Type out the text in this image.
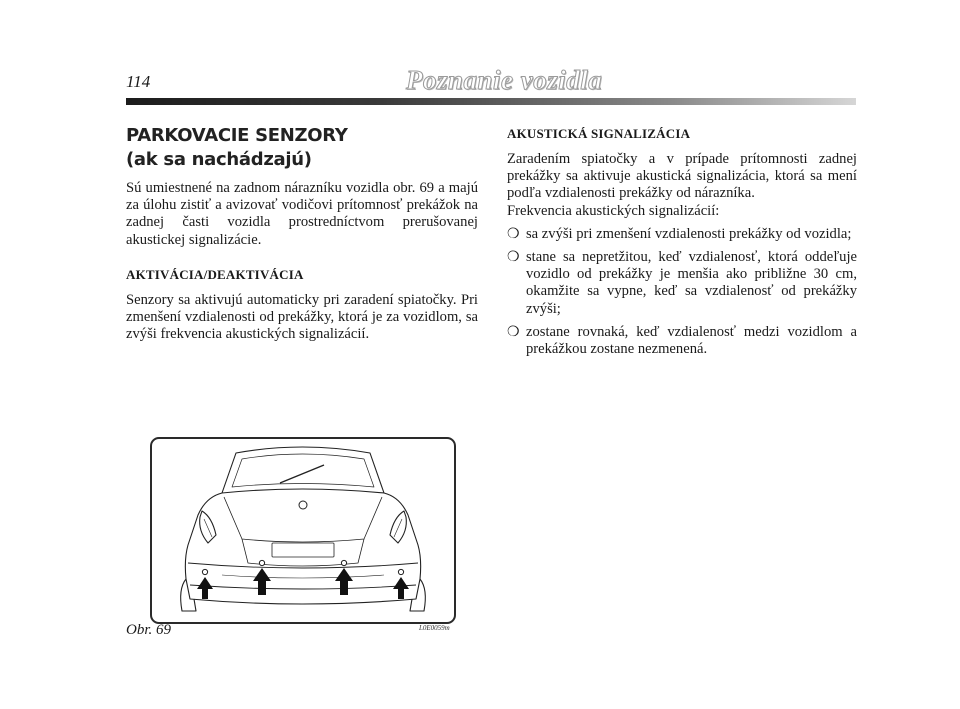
114	Poznanie vozidla
PARKOVACIE SENZORY
(ak sa nachádzajú)

Sú umiestnené na zadnom nárazníku vozidla obr. 69 a majú za úlohu zistiť a avizovať vodičovi prítomnosť prekážok na zadnej časti vozidla prostredníctvom prerušovanej akustickej signalizácie.

AKTIVÁCIA/DEAKTIVÁCIA

Senzory sa aktivujú automaticky pri zaradení spiatočky. Pri zmenšení vzdialenosti od prekážky, ktorá je za vozidlom, sa zvýši frekvencia akustických signalizácií.

AKUSTICKÁ SIGNALIZÁCIA

Zaradením spiatočky a v prípade prítomnosti zadnej prekážky sa aktivuje akustická signalizácia, ktorá sa mení podľa vzdialenosti prekážky od nárazníka.

Frekvencia akustických signalizácií:

❍ sa zvýši pri zmenšení vzdialenosti prekážky od vozidla;
❍ stane sa nepretžitou, keď vzdialenosť, ktorá oddeľuje vozidlo od prekážky je menšia ako približne 30 cm, okamžite sa vypne, keď sa vzdialenosť od prekážky zvýši;
❍ zostane rovnaká, keď vzdialenosť medzi vozidlom a prekážkou zostane nezmenená.
Obr. 69	L0E0059m
